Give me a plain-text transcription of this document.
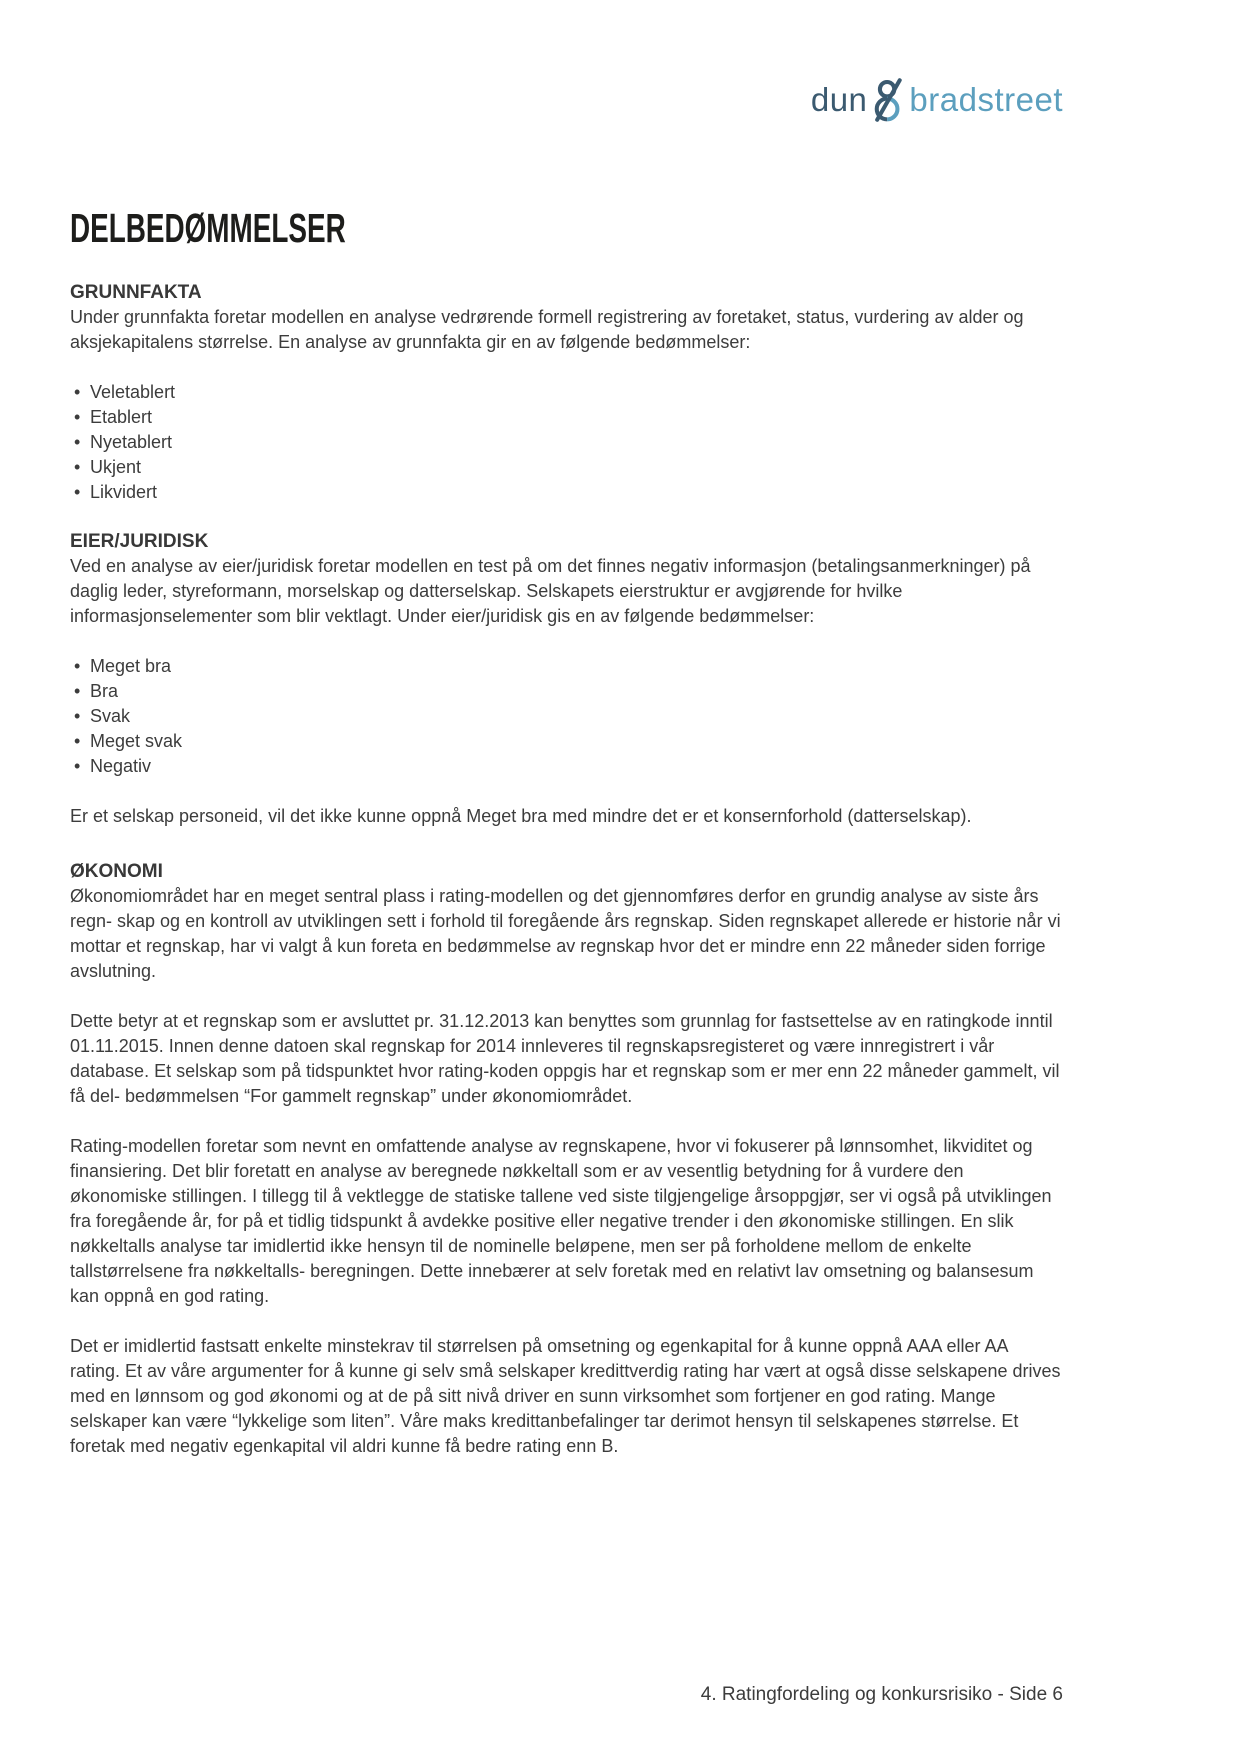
dun bradstreet
DELBEDØMMELSER
GRUNNFAKTA

Under grunnfakta foretar modellen en analyse vedrørende formell registrering av foretaket, status, vurdering av alder og aksjekapitalens størrelse. En analyse av grunnfakta gir en av følgende bedømmelser:

• Veletablert
• Etablert
• Nyetablert
• Ukjent
• Likvidert
EIER/JURIDISK

Ved en analyse av eier/juridisk foretar modellen en test på om det finnes negativ informasjon (betalingsanmerkninger) på daglig leder, styreformann, morselskap og datterselskap. Selskapets eierstruktur er avgjørende for hvilke informasjonselementer som blir vektlagt. Under eier/juridisk gis en av følgende bedømmelser:

• Meget bra
• Bra
• Svak
• Meget svak
• Negativ

Er et selskap personeid, vil det ikke kunne oppnå Meget bra med mindre det er et konsernforhold (datterselskap).

ØKONOMI

Økonomiområdet har en meget sentral plass i rating-modellen og det gjennomføres derfor en grundig analyse av siste års regn- skap og en kontroll av utviklingen sett i forhold til foregående års regnskap. Siden regnskapet allerede er historie når vi mottar et regnskap, har vi valgt å kun foreta en bedømmelse av regnskap hvor det er mindre enn 22 måneder siden forrige avslutning.

Dette betyr at et regnskap som er avsluttet pr. 31.12.2013 kan benyttes som grunnlag for fastsettelse av en ratingkode inntil 01.11.2015. Innen denne datoen skal regnskap for 2014 innleveres til regnskapsregisteret og være innregistrert i vår database. Et selskap som på tidspunktet hvor rating-koden oppgis har et regnskap som er mer enn 22 måneder gammelt, vil få del- bedømmelsen “For gammelt regnskap” under økonomiområdet.

Rating-modellen foretar som nevnt en omfattende analyse av regnskapene, hvor vi fokuserer på lønnsomhet, likviditet og finansiering. Det blir foretatt en analyse av beregnede nøkkeltall som er av vesentlig betydning for å vurdere den økonomiske stillingen. I tillegg til å vektlegge de statiske tallene ved siste tilgjengelige årsoppgjør, ser vi også på utviklingen fra foregående år, for på et tidlig tidspunkt å avdekke positive eller negative trender i den økonomiske stillingen. En slik nøkkeltalls analyse tar imidlertid ikke hensyn til de nominelle beløpene, men ser på forholdene mellom de enkelte tallstørrelsene fra nøkkeltalls- beregningen. Dette innebærer at selv foretak med en relativt lav omsetning og balansesum kan oppnå en god rating.

Det er imidlertid fastsatt enkelte minstekrav til størrelsen på omsetning og egenkapital for å kunne oppnå AAA eller AA rating. Et av våre argumenter for å kunne gi selv små selskaper kredittverdig rating har vært at også disse selskapene drives med en lønnsom og god økonomi og at de på sitt nivå driver en sunn virksomhet som fortjener en god rating. Mange selskaper kan være “lykkelige som liten”. Våre maks kredittanbefalinger tar derimot hensyn til selskapenes størrelse. Et foretak med negativ egenkapital vil aldri kunne få bedre rating enn B.

4. Ratingfordeling og konkursrisiko - Side 6
